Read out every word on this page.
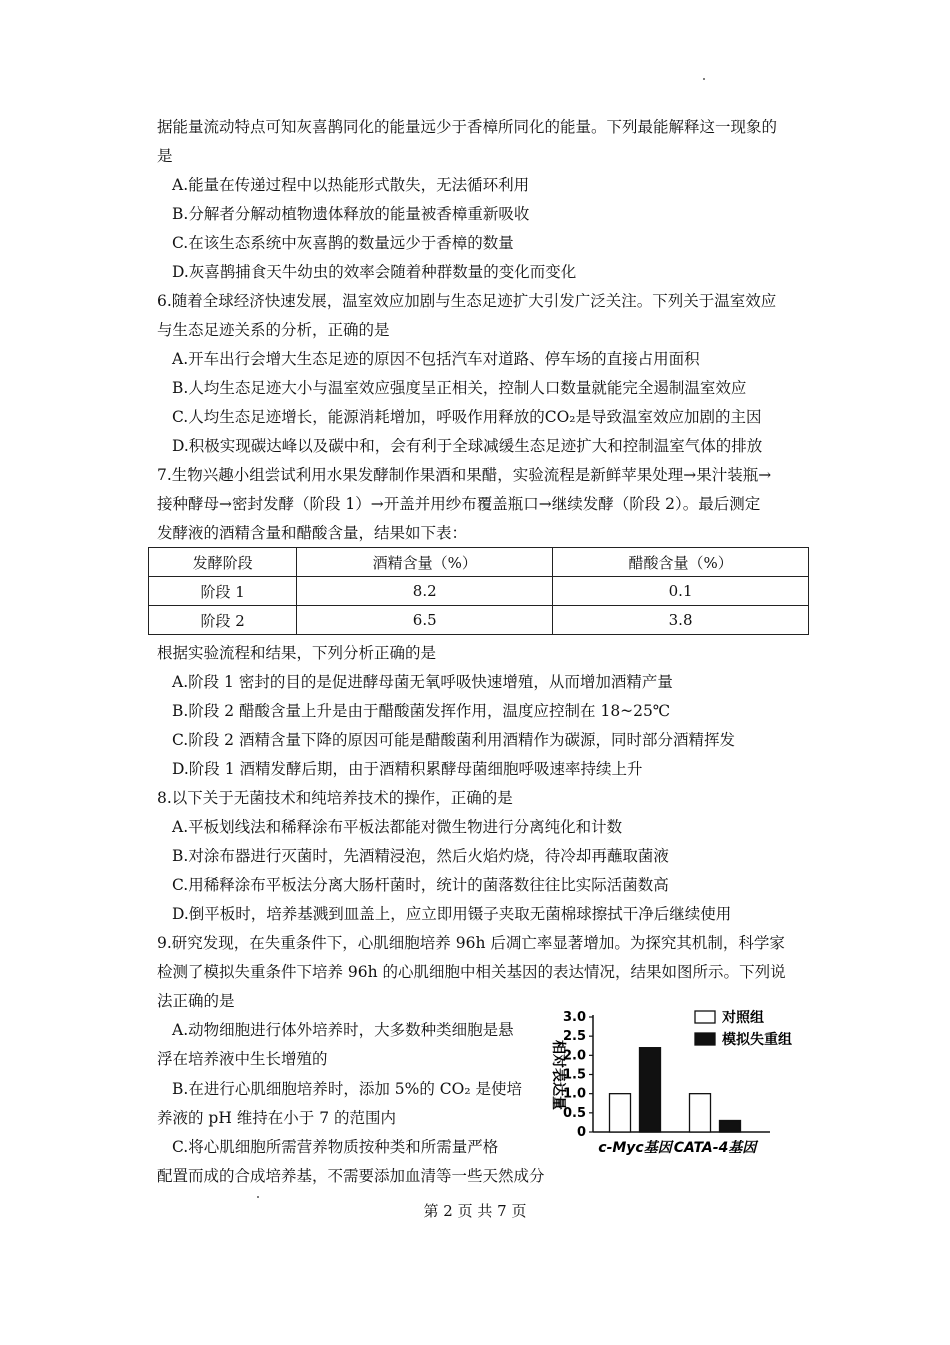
据能量流动特点可知灰喜鹊同化的能量远少于香樟所同化的能量。下列最能解释这一现象的
是
A.能量在传递过程中以热能形式散失，无法循环利用
B.分解者分解动植物遗体释放的能量被香樟重新吸收
C.在该生态系统中灰喜鹊的数量远少于香樟的数量
D.灰喜鹊捕食天牛幼虫的效率会随着种群数量的变化而变化
6.随着全球经济快速发展，温室效应加剧与生态足迹扩大引发广泛关注。下列关于温室效应
与生态足迹关系的分析，正确的是
A.开车出行会增大生态足迹的原因不包括汽车对道路、停车场的直接占用面积
B.人均生态足迹大小与温室效应强度呈正相关，控制人口数量就能完全遏制温室效应
C.人均生态足迹增长，能源消耗增加，呼吸作用释放的CO₂是导致温室效应加剧的主因
D.积极实现碳达峰以及碳中和，会有利于全球减缓生态足迹扩大和控制温室气体的排放
7.生物兴趣小组尝试利用水果发酵制作果酒和果醋，实验流程是新鲜苹果处理→果汁装瓶→
接种酵母→密封发酵（阶段 1）→开盖并用纱布覆盖瓶口→继续发酵（阶段 2）。最后测定
发酵液的酒精含量和醋酸含量，结果如下表：
发酵阶段	酒精含量（%）	醋酸含量（%）
阶段 1	8.2	0.1
阶段 2	6.5	3.8
根据实验流程和结果，下列分析正确的是
A.阶段 1 密封的目的是促进酵母菌无氧呼吸快速增殖，从而增加酒精产量
B.阶段 2 醋酸含量上升是由于醋酸菌发挥作用，温度应控制在 18~25℃
C.阶段 2 酒精含量下降的原因可能是醋酸菌利用酒精作为碳源，同时部分酒精挥发
D.阶段 1 酒精发酵后期，由于酒精积累酵母菌细胞呼吸速率持续上升
8.以下关于无菌技术和纯培养技术的操作，正确的是
A.平板划线法和稀释涂布平板法都能对微生物进行分离纯化和计数
B.对涂布器进行灭菌时，先酒精浸泡，然后火焰灼烧，待冷却再蘸取菌液
C.用稀释涂布平板法分离大肠杆菌时，统计的菌落数往往比实际活菌数高
D.倒平板时，培养基溅到皿盖上，应立即用镊子夹取无菌棉球擦拭干净后继续使用
9.研究发现，在失重条件下，心肌细胞培养 96h 后凋亡率显著增加。为探究其机制，科学家
检测了模拟失重条件下培养 96h 的心肌细胞中相关基因的表达情况，结果如图所示。下列说
法正确的是
A.动物细胞进行体外培养时，大多数种类细胞是悬
浮在培养液中生长增殖的
B.在进行心肌细胞培养时，添加 5%的 CO₂ 是使培
养液的 pH 维持在小于 7 的范围内
C.将心肌细胞所需营养物质按种类和所需量严格
配置而成的合成培养基，不需要添加血清等一些天然成分
相对表达量
0
0.5
1.0
1.5
2.0
2.5
3.0
c-Myc基因 CATA-4基因
对照组
模拟失重组
第 2 页 共 7 页
